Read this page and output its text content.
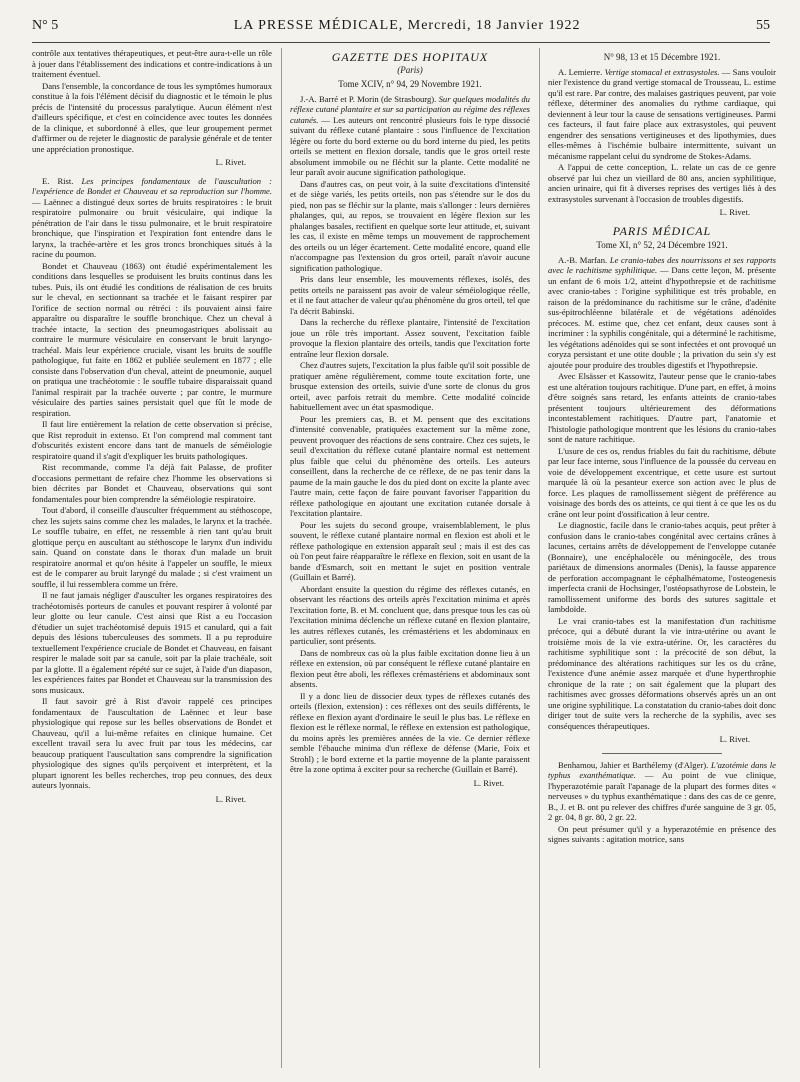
N° 5	LA PRESSE MÉDICALE, Mercredi, 18 Janvier 1922	55

contrôle aux tentatives thérapeutiques, et peut-être aura-t-elle un rôle à jouer dans l'établissement des indications et contre-indications à un traitement éventuel.

Dans l'ensemble, la concordance de tous les symptômes humoraux constitue à la fois l'élément décisif du diagnostic et le témoin le plus précis de l'intensité du processus paralytique. Aucun élément n'est d'ailleurs spécifique, et c'est en coïncidence avec toutes les données de la clinique, et subordonné à elles, que leur groupement permet d'affirmer ou de rejeter le diagnostic de paralysie générale et de tenter une appréciation pronostique.

L. Rivet.

E. Rist. Les principes fondamentaux de l'auscultation : l'expérience de Bondet et Chauveau et sa reproduction sur l'homme. — Laënnec a distingué deux sortes de bruits respiratoires : le bruit respiratoire pulmonaire ou bruit vésiculaire, qui indique la pénétration de l'air dans le tissu pulmonaire, et le bruit respiratoire bronchique, que l'inspiration et l'expiration font entendre dans le larynx, la trachée-artère et les gros troncs bronchiques situés à la racine du poumon.

Bondet et Chauveau (1863) ont étudié expérimentalement les conditions dans lesquelles se produisent les bruits continus dans les tubes. Puis, ils ont étudié les conditions de réalisation de ces bruits sur le cheval, en sectionnant sa trachée et le faisant respirer par l'orifice de section normal ou rétréci : ils pouvaient ainsi faire apparaître ou disparaître le souffle bronchique. Chez un cheval à trachée intacte, la section des pneumogastriques abolissait au contraire le murmure vésiculaire en conservant le bruit laryngo-trachéal. Mais leur expérience cruciale, visant les bruits de souffle pathologique, fut faite en 1862 et publiée seulement en 1877 ; elle consiste dans l'observation d'un cheval, atteint de pneumonie, auquel on pratiqua une trachéotomie : le souffle tubaire disparaissait quand l'animal respirait par la trachée ouverte ; par contre, le murmure vésiculaire des parties saines persistait quel que fût le mode de respiration.

Il faut lire entièrement la relation de cette observation si précise, que Rist reproduit in extenso. Et l'on comprend mal comment tant d'obscurités existent encore dans tant de manuels de séméiologie respiratoire quand il s'agit d'expliquer les bruits pathologiques.

Rist recommande, comme l'a déjà fait Palasse, de profiter d'occasions permettant de refaire chez l'homme les observations si bien décrites par Bondet et Chauveau, observations qui sont fondamentales pour bien comprendre la séméiologie respiratoire.

Tout d'abord, il conseille d'ausculter fréquemment au stéthoscope, chez les sujets sains comme chez les malades, le larynx et la trachée. Le souffle tubaire, en effet, ne ressemble à rien tant qu'au bruit glottique perçu en auscultant au stéthoscope le larynx d'un individu sain. Quand on constate dans le thorax d'un malade un bruit respiratoire anormal et qu'on hésite à l'appeler un souffle, le mieux est de le comparer au bruit laryngé du malade ; si c'est vraiment un souffle, il lui ressemblera comme un frère.

Il ne faut jamais négliger d'ausculter les organes respiratoires des trachéotomisés porteurs de canules et pouvant respirer à volonté par leur glotte ou leur canule. C'est ainsi que Rist a eu l'occasion d'étudier un sujet trachéotomisé depuis 1915 et canulard, qui a fait depuis des lésions tuberculeuses des sommets. Il a pu reproduire textuellement l'expérience cruciale de Bondet et Chauveau, en faisant respirer le malade soit par sa canule, soit par la plaie trachéale, soit par la glotte. Il a également répété sur ce sujet, à l'aide d'un diapason, les expériences faites par Bondet et Chauveau sur la transmission des sons musicaux.

Il faut savoir gré à Rist d'avoir rappelé ces principes fondamentaux de l'auscultation de Laënnec et leur base physiologique qui repose sur les belles observations de Bondet et Chauveau, qu'il a lui-même refaites en clinique humaine. Cet excellent travail sera lu avec fruit par tous les médecins, car beaucoup pratiquent l'auscultation sans comprendre la signification physiologique des signes qu'ils perçoivent et interprètent, et la plupart ignorent les belles recherches, trop peu connues, des deux auteurs lyonnais.

L. Rivet.

GAZETTE DES HOPITAUX

(Paris)

Tome XCIV, n° 94, 29 Novembre 1921.

J.-A. Barré et P. Morin (de Strasbourg). Sur quelques modalités du réflexe cutané plantaire et sur sa participation au régime des réflexes cutanés. — Les auteurs ont rencontré plusieurs fois le type dissocié suivant du réflexe cutané plantaire : sous l'influence de l'excitation légère ou forte du bord externe ou du bord interne du pied, les petits orteils se mettent en flexion dorsale, tandis que le gros orteil reste absolument immobile ou ne fléchit sur la plante. Cette modalité ne leur paraît avoir aucune signification pathologique.

Dans d'autres cas, on peut voir, à la suite d'excitations d'intensité et de siège variés, les petits orteils, non pas s'étendre sur le dos du pied, non pas se fléchir sur la plante, mais s'allonger : leurs dernières phalanges, qui, au repos, se trouvaient en légère flexion sur les phalanges basales, rectifient en quelque sorte leur attitude, et, suivant les cas, il existe en même temps un mouvement de rapprochement des orteils ou un léger écartement. Cette modalité encore, quand elle n'accompagne pas l'extension du gros orteil, paraît n'avoir aucune signification pathologique.

Pris dans leur ensemble, les mouvements réflexes, isolés, des petits orteils ne paraissent pas avoir de valeur séméiologique réelle, et il ne faut attacher de valeur qu'au phénomène du gros orteil, tel que l'a décrit Babinski.

Dans la recherche du réflexe plantaire, l'intensité de l'excitation joue un rôle très important. Assez souvent, l'excitation faible provoque la flexion plantaire des orteils, tandis que l'excitation forte entraîne leur flexion dorsale.

Chez d'autres sujets, l'excitation la plus faible qu'il soit possible de pratiquer amène régulièrement, comme toute excitation forte, une brusque extension des orteils, suivie d'une sorte de clonus du gros orteil, avec parfois retrait du membre. Cette modalité coïncide habituellement avec un état spasmodique.

Pour les premiers cas, B. et M. pensent que des excitations d'intensité convenable, pratiquées exactement sur la même zone, peuvent provoquer des réactions de sens contraire. Chez ces sujets, le seuil d'excitation du réflexe cutané plantaire normal est nettement plus faible que celui du phénomène des orteils. Les auteurs conseillent, dans la recherche de ce réflexe, de ne pas tenir dans la paume de la main gauche le dos du pied dont on excite la plante avec l'autre main, cette façon de faire pouvant favoriser l'apparition du réflexe pathologique en ajoutant une excitation cutanée dorsale à l'excitation plantaire.

Pour les sujets du second groupe, vraisemblablement, le plus souvent, le réflexe cutané plantaire normal en flexion est aboli et le réflexe pathologique en extension apparaît seul ; mais il est des cas où l'on peut faire réapparaître le réflexe en flexion, soit en usant de la bande d'Esmarch, soit en mettant le sujet en position ventrale (Guillain et Barré).

Abordant ensuite la question du régime des réflexes cutanés, en observant les réactions des orteils après l'excitation minima et après l'excitation forte, B. et M. concluent que, dans presque tous les cas où l'excitation minima déclenche un réflexe cutané en flexion plantaire, les autres réflexes cutanés, les crémastériens et les abdominaux en particulier, sont présents.

Dans de nombreux cas où la plus faible excitation donne lieu à un réflexe en extension, où par conséquent le réflexe cutané plantaire en flexion peut être aboli, les réflexes crémastériens et abdominaux sont absents.

Il y a donc lieu de dissocier deux types de réflexes cutanés des orteils (flexion, extension) : ces réflexes ont des seuils différents, le réflexe en flexion ayant d'ordinaire le seuil le plus bas. Le réflexe en flexion est le réflexe normal, le réflexe en extension est pathologique, du moins après les premières années de la vie. Ce dernier réflexe semble l'ébauche minima d'un réflexe de défense (Marie, Foix et Strohl) ; le bord externe et la partie moyenne de la plante paraissent être la zone optima à exciter pour sa recherche (Guillain et Barré).

L. Rivet.

N° 98, 13 et 15 Décembre 1921.

A. Lemierre. Vertige stomacal et extrasystoles. — Sans vouloir nier l'existence du grand vertige stomacal de Trousseau, L. estime qu'il est rare. Par contre, des malaises gastriques peuvent, par voie réflexe, déterminer des anomalies du rythme cardiaque, qui deviennent à leur tour la cause de sensations vertigineuses. Parmi ces facteurs, il faut faire place aux extrasystoles, qui peuvent engendrer des sensations vertigineuses et des lipothymies, dues elles-mêmes à l'ischémie bulbaire intermittente, suivant un mécanisme rappelant celui du syndrome de Stokes-Adams.

A l'appui de cette conception, L. relate un cas de ce genre observé par lui chez un vieillard de 80 ans, ancien syphilitique, ancien urinaire, qui fit à diverses reprises des vertiges liés à des extrasystoles survenant à l'occasion de troubles digestifs.

L. Rivet.

PARIS MÉDICAL

Tome XI, n° 52, 24 Décembre 1921.

A.-B. Marfan. Le cranio-tabes des nourrissons et ses rapports avec le rachitisme syphilitique. — Dans cette leçon, M. présente un enfant de 6 mois 1/2, atteint d'hypothrepsie et de rachitisme avec cranio-tabes : l'origine syphilitique est très probable, en raison de la prédominance du rachitisme sur le crâne, d'adénite sus-épitrochléenne bilatérale et de végétations adénoïdes précoces. M. estime que, chez cet enfant, deux causes sont à incriminer : la syphilis congénitale, qui a déterminé le rachitisme, les végétations adénoïdes qui se sont infectées et ont provoqué un coryza persistant et une otite double ; la privation du sein s'y est ajoutée pour produire des troubles digestifs et l'hypothrepsie.

Avec Elsässer et Kassowitz, l'auteur pense que le cranio-tabes est une altération toujours rachitique. D'une part, en effet, à moins d'être soignés sans retard, les enfants atteints de cranio-tabes présentent toujours ultérieurement des déformations incontestablement rachitiques. D'autre part, l'anatomie et l'histologie pathologique montrent que les lésions du cranio-tabes sont de nature rachitique.

L'usure de ces os, rendus friables du fait du rachitisme, débute par leur face interne, sous l'influence de la poussée du cerveau en voie de développement excentrique, et cette usure est surtout marquée là où la pesanteur exerce son action avec le plus de force. Les plaques de ramollissement siègent de préférence au voisinage des bords des os atteints, ce qui tient à ce que les os du crâne ont leur point d'ossification à leur centre.

Le diagnostic, facile dans le cranio-tabes acquis, peut prêter à confusion dans le cranio-tabes congénital avec certains crânes à lacunes, certains arrêts de développement de l'enveloppe cutanée (Bonnaire), une encéphalocèle ou méningocèle, des trous pariétaux de dimensions anormales (Denis), la fausse apparence de perforation accompagnant le céphalhématome, l'osteogenesis imperfecta cranii de Hochsinger, l'ostéopsathyrose de Lobstein, le ramollissement uniforme des bords des sutures sagittale et lambdoïde.

Le vrai cranio-tabes est la manifestation d'un rachitisme précoce, qui a débuté durant la vie intra-utérine ou avant le troisième mois de la vie extra-utérine. Or, les caractères du rachitisme syphilitique sont : la précocité de son début, la prédominance des altérations rachitiques sur les os du crâne, l'existence d'une anémie assez marquée et d'une hyperthrophie chronique de la rate ; on sait également que la plupart des rachitismes avec grosses déformations observés après un an ont une origine syphilitique. La constatation du cranio-tabes doit donc diriger tout de suite vers la recherche de la syphilis, avec ses conséquences thérapeutiques.

L. Rivet.

Benhamou, Jahier et Barthélemy (d'Alger). L'azotémie dans le typhus exanthématique. — Au point de vue clinique, l'hyperazotémie paraît l'apanage de la plupart des formes dites « nerveuses » du typhus exanthématique : dans des cas de ce genre, B., J. et B. ont pu relever des chiffres d'urée sanguine de 3 gr. 05, 2 gr. 04, 8 gr. 80, 2 gr. 22.

On peut présumer qu'il y a hyperazotémie en présence des signes suivants : agitation motrice, sans
